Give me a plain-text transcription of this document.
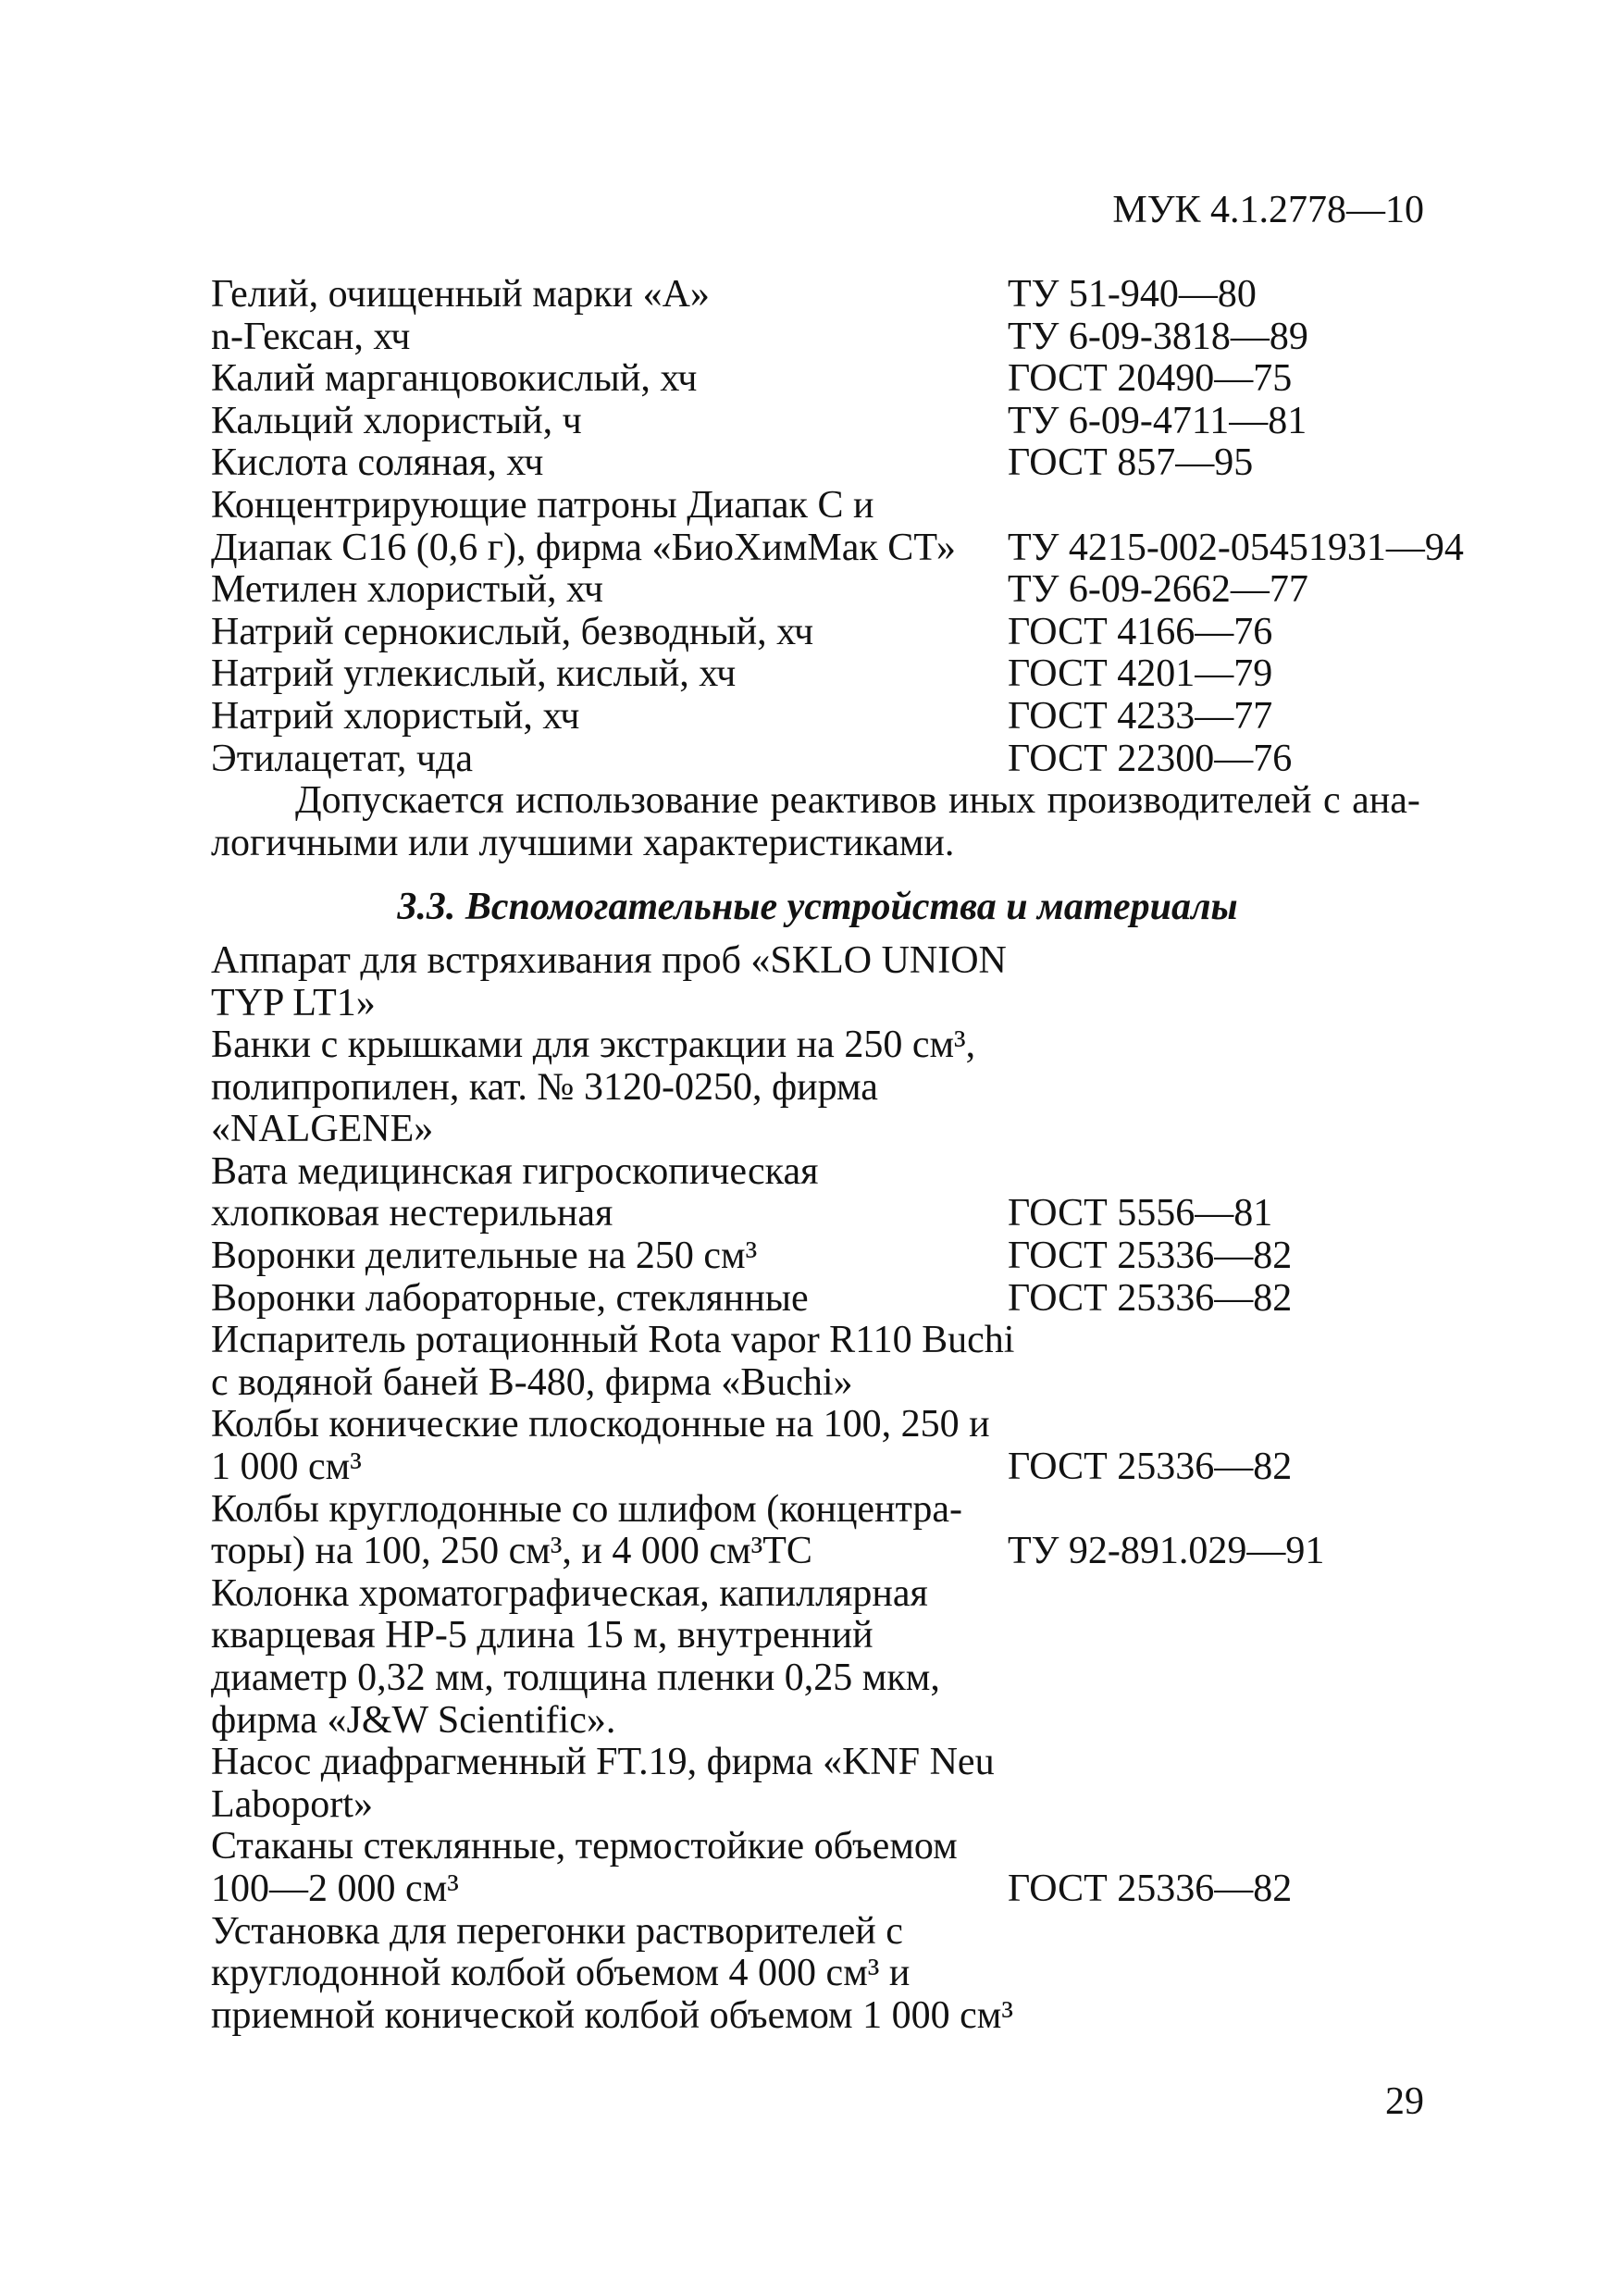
МУК 4.1.2778—10
Гелий, очищенный марки «А»	ТУ 51-940—80
n-Гексан, хч	ТУ 6-09-3818—89
Калий марганцовокислый, хч	ГОСТ 20490—75
Кальций хлористый, ч	ТУ 6-09-4711—81
Кислота соляная, хч	ГОСТ 857—95
Концентрирующие патроны Диапак С и
Диапак С16 (0,6 г), фирма «БиоХимМак СТ»	ТУ 4215-002-05451931—94
Метилен хлористый, хч	ТУ 6-09-2662—77
Натрий сернокислый, безводный, хч	ГОСТ 4166—76
Натрий углекислый, кислый, хч	ГОСТ 4201—79
Натрий хлористый, хч	ГОСТ 4233—77
Этилацетат, чда	ГОСТ 22300—76
Допускается использование реактивов иных производителей с ана-
логичными или лучшими характеристиками.
3.3. Вспомогательные устройства и материалы
Аппарат для встряхивания проб «SKLO UNION
TYP LT1»
Банки с крышками для экстракции на 250 см³,
полипропилен, кат. № 3120-0250, фирма
«NALGENE»
Вата медицинская гигроскопическая
хлопковая нестерильная	ГОСТ 5556—81
Воронки делительные на 250 см³	ГОСТ 25336—82
Воронки лабораторные, стеклянные	ГОСТ 25336—82
Испаритель ротационный Rota vapor R110 Buchi
с водяной баней В-480, фирма «Buchi»
Колбы конические плоскодонные на 100, 250 и
1 000 см³	ГОСТ 25336—82
Колбы круглодонные со шлифом (концентра-
торы) на 100, 250 см³, и 4 000 см³ТС	ТУ 92-891.029—91
Колонка хроматографическая, капиллярная
кварцевая HP-5 длина 15 м, внутренний
диаметр 0,32 мм, толщина пленки 0,25 мкм,
фирма «J&W Scientific».
Насос диафрагменный FT.19, фирма «KNF Neu
Laboport»
Стаканы стеклянные, термостойкие объемом
100—2 000 см³	ГОСТ 25336—82
Установка для перегонки растворителей с
круглодонной колбой объемом 4 000 см³ и
приемной конической колбой объемом 1 000 см³
29
